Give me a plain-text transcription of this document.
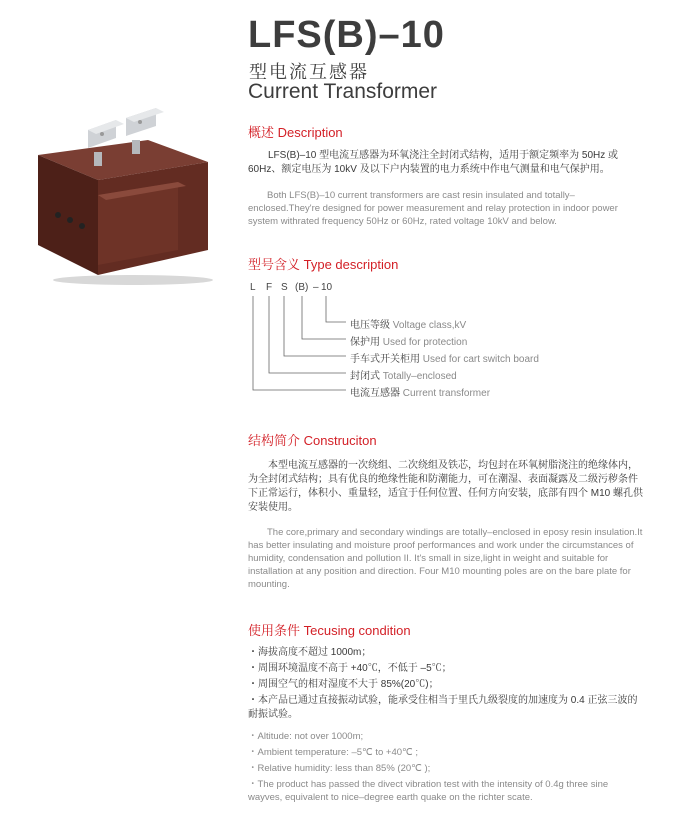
LFS(B)–10
型电流互感器
Current Transformer
概述 Description
LFS(B)–10 型电流互感器为环氧浇注全封闭式结构，适用于额定频率为 50Hz 或 60Hz、额定电压为 10kV 及以下户内装置的电力系统中作电气测量和电气保护用。
Both LFS(B)–10 current transformers are cast resin insulated and totally–enclosed.They're designed for power measurement and relay protection in indoor power system withrated frequency 50Hz or 60Hz, rated voltage 10kV and below.
型号含义 Type description
L F S (B) – 10
电压等级 Voltage class,kV
保护用 Used for protection
手车式开关柜用 Used for cart switch board
封闭式 Totally–enclosed
电流互感器 Current transformer
结构简介 Construciton
本型电流互感器的一次绕组、二次绕组及铁芯，均包封在环氧树脂浇注的绝缘体内，为全封闭式结构；具有优良的绝缘性能和防潮能力，可在潮湿、表面凝露及二级污秽条件下正常运行，体积小、重量轻，适宜于任何位置、任何方向安装，底部有四个 M10 螺孔供安装使用。
The core,primary and secondary windings are totally–enclosed in eposy resin insulation.It has better insulating and moisture proof performances and work under the circumstances of humidity, condensation and pollution II. It's small in size,light in weight and suitable for installation at any position and direction. Four M10 mounting poles are on the bare plate for mounting.
使用条件 Tecusing condition
・海拔高度不超过 1000m；
・周围环境温度不高于 +40℃，不低于 –5℃；
・周围空气的相对湿度不大于 85%(20℃)；
・本产品已通过直接振动试验，能承受住相当于里氏九级裂度的加速度为 0.4 正弦三波的耐振试验。
・Altitude: not over 1000m;
・Ambient temperature: –5℃ to +40℃ ;
・Relative humidity: less than 85% (20℃ );
・The product has passed the divect vibration test with the intensity of 0.4g three sine wayves, equivalent to nice–degree earth quake on the richter scate.
